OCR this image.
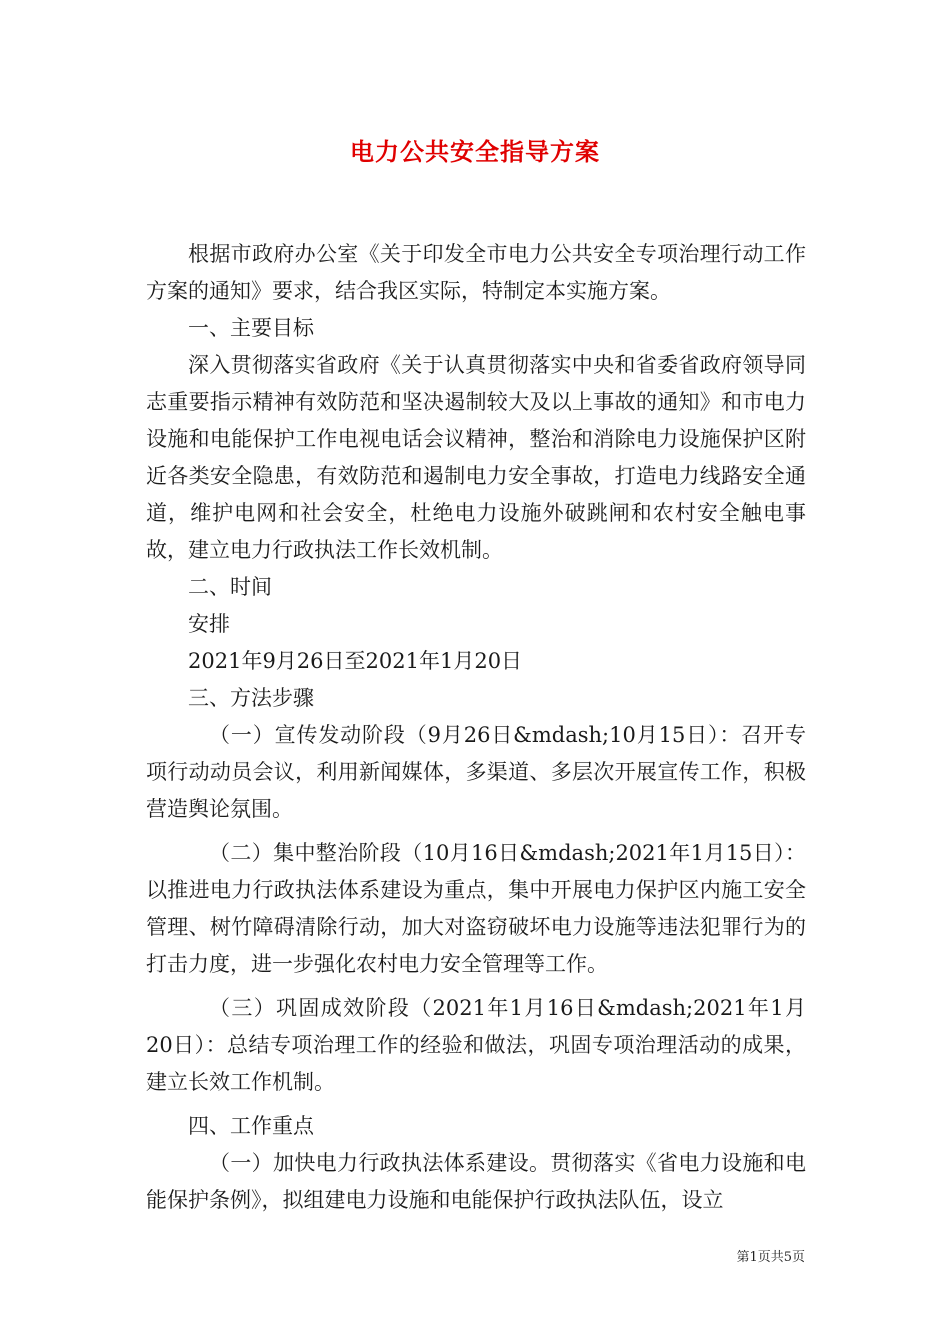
电力公共安全指导方案

根据市政府办公室《关于印发全市电力公共安全专项治理行动工作方案的通知》要求，结合我区实际，特制定本实施方案。

一、主要目标

深入贯彻落实省政府《关于认真贯彻落实中央和省委省政府领导同志重要指示精神有效防范和坚决遏制较大及以上事故的通知》和市电力设施和电能保护工作电视电话会议精神，整治和消除电力设施保护区附近各类安全隐患，有效防范和遏制电力安全事故，打造电力线路安全通道，维护电网和社会安全，杜绝电力设施外破跳闸和农村安全触电事故，建立电力行政执法工作长效机制。

二、时间

安排

2021年9月26日至2021年1月20日

三、方法步骤

（一）宣传发动阶段（9月26日&mdash;10月15日）：召开专项行动动员会议，利用新闻媒体，多渠道、多层次开展宣传工作，积极营造舆论氛围。

（二）集中整治阶段（10月16日&mdash;2021年1月15日）：以推进电力行政执法体系建设为重点，集中开展电力保护区内施工安全管理、树竹障碍清除行动，加大对盗窃破坏电力设施等违法犯罪行为的打击力度，进一步强化农村电力安全管理等工作。

（三）巩固成效阶段（2021年1月16日&mdash;2021年1月20日）：总结专项治理工作的经验和做法，巩固专项治理活动的成果，建立长效工作机制。

四、工作重点

（一）加快电力行政执法体系建设。贯彻落实《省电力设施和电能保护条例》，拟组建电力设施和电能保护行政执法队伍，设立

第1页共5页
